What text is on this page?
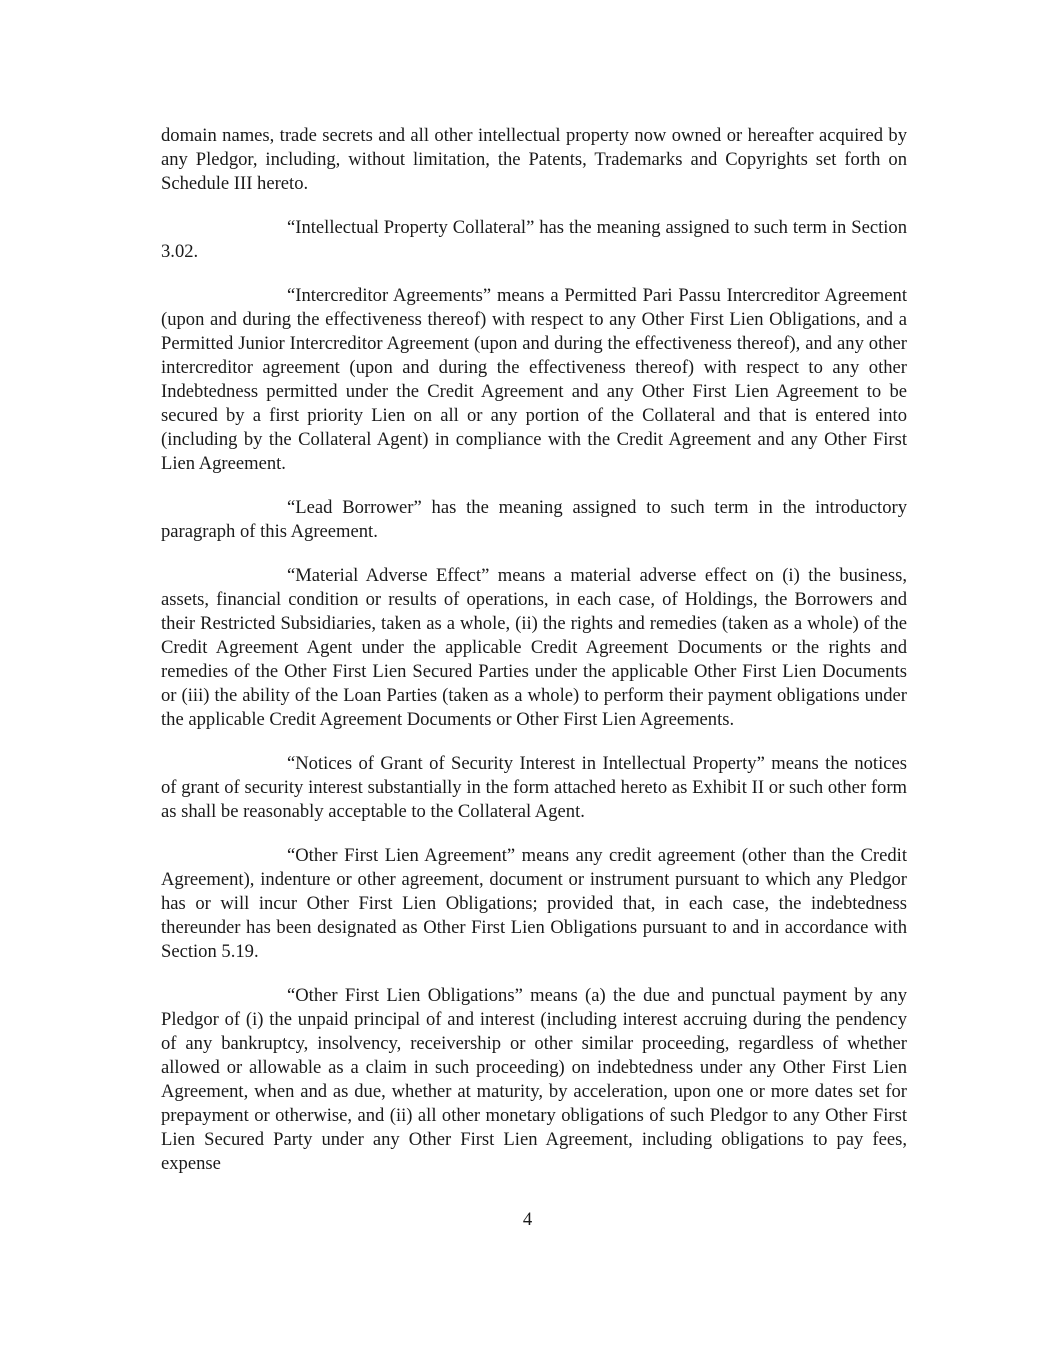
domain names, trade secrets and all other intellectual property now owned or hereafter acquired by any Pledgor, including, without limitation, the Patents, Trademarks and Copyrights set forth on Schedule III hereto.

“Intellectual Property Collateral” has the meaning assigned to such term in Section 3.02.

“Intercreditor Agreements” means a Permitted Pari Passu Intercreditor Agreement (upon and during the effectiveness thereof) with respect to any Other First Lien Obligations, and a Permitted Junior Intercreditor Agreement (upon and during the effectiveness thereof), and any other intercreditor agreement (upon and during the effectiveness thereof) with respect to any other Indebtedness permitted under the Credit Agreement and any Other First Lien Agreement to be secured by a first priority Lien on all or any portion of the Collateral and that is entered into (including by the Collateral Agent) in compliance with the Credit Agreement and any Other First Lien Agreement.

“Lead Borrower” has the meaning assigned to such term in the introductory paragraph of this Agreement.

“Material Adverse Effect” means a material adverse effect on (i) the business, assets, financial condition or results of operations, in each case, of Holdings, the Borrowers and their Restricted Subsidiaries, taken as a whole, (ii) the rights and remedies (taken as a whole) of the Credit Agreement Agent under the applicable Credit Agreement Documents or the rights and remedies of the Other First Lien Secured Parties under the applicable Other First Lien Documents or (iii) the ability of the Loan Parties (taken as a whole) to perform their payment obligations under the applicable Credit Agreement Documents or Other First Lien Agreements.

“Notices of Grant of Security Interest in Intellectual Property” means the notices of grant of security interest substantially in the form attached hereto as Exhibit II or such other form as shall be reasonably acceptable to the Collateral Agent.

“Other First Lien Agreement” means any credit agreement (other than the Credit Agreement), indenture or other agreement, document or instrument pursuant to which any Pledgor has or will incur Other First Lien Obligations; provided that, in each case, the indebtedness thereunder has been designated as Other First Lien Obligations pursuant to and in accordance with Section 5.19.

“Other First Lien Obligations” means (a) the due and punctual payment by any Pledgor of (i) the unpaid principal of and interest (including interest accruing during the pendency of any bankruptcy, insolvency, receivership or other similar proceeding, regardless of whether allowed or allowable as a claim in such proceeding) on indebtedness under any Other First Lien Agreement, when and as due, whether at maturity, by acceleration, upon one or more dates set for prepayment or otherwise, and (ii) all other monetary obligations of such Pledgor to any Other First Lien Secured Party under any Other First Lien Agreement, including obligations to pay fees, expense

4
